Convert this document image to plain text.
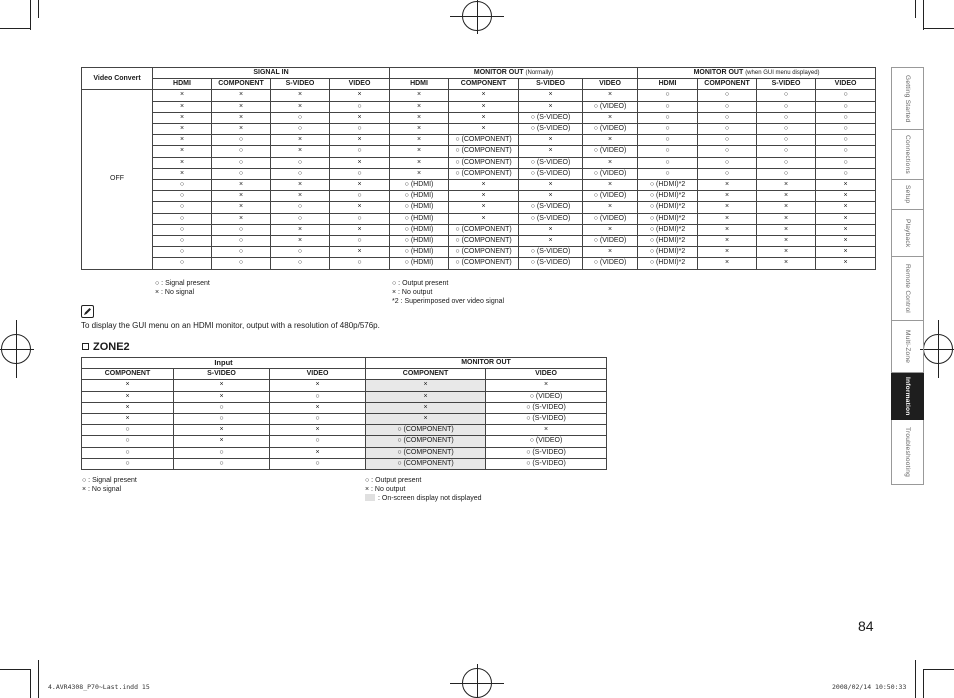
Video Convert	SIGNAL IN				MONITOR OUT (Normally)				MONITOR OUT (when GUI menu displayed)			
	HDMI	COMPONENT	S-VIDEO	VIDEO	HDMI	COMPONENT	S-VIDEO	VIDEO	HDMI	COMPONENT	S-VIDEO	VIDEO
OFF	×	×	×	×	×	×	×	×	○	○	○	○
	×	×	×	○	×	×	×	○ (VIDEO)	○	○	○	○
	×	×	○	×	×	×	○ (S-VIDEO)	×	○	○	○	○
	×	×	○	○	×	×	○ (S-VIDEO)	○ (VIDEO)	○	○	○	○
	×	○	×	×	×	○ (COMPONENT)	×	×	○	○	○	○
	×	○	×	○	×	○ (COMPONENT)	×	○ (VIDEO)	○	○	○	○
	×	○	○	×	×	○ (COMPONENT)	○ (S-VIDEO)	×	○	○	○	○
	×	○	○	○	×	○ (COMPONENT)	○ (S-VIDEO)	○ (VIDEO)	○	○	○	○
	○	×	×	×	○ (HDMI)	×	×	×	○ (HDMI)*2	×	×	×
	○	×	×	○	○ (HDMI)	×	×	○ (VIDEO)	○ (HDMI)*2	×	×	×
	○	×	○	×	○ (HDMI)	×	○ (S-VIDEO)	×	○ (HDMI)*2	×	×	×
	○	×	○	○	○ (HDMI)	×	○ (S-VIDEO)	○ (VIDEO)	○ (HDMI)*2	×	×	×
	○	○	×	×	○ (HDMI)	○ (COMPONENT)	×	×	○ (HDMI)*2	×	×	×
	○	○	×	○	○ (HDMI)	○ (COMPONENT)	×	○ (VIDEO)	○ (HDMI)*2	×	×	×
	○	○	○	×	○ (HDMI)	○ (COMPONENT)	○ (S-VIDEO)	×	○ (HDMI)*2	×	×	×
	○	○	○	○	○ (HDMI)	○ (COMPONENT)	○ (S-VIDEO)	○ (VIDEO)	○ (HDMI)*2	×	×	×
○ : Signal present
× : No signal
○ : Output present
× : No output
*2 : Superimposed over video signal
To display the GUI menu on an HDMI monitor, output with a resolution of 480p/576p.
ZONE2
Input			MONITOR OUT	
COMPONENT	S-VIDEO	VIDEO	COMPONENT	VIDEO
×	×	×	×	×
×	×	○	×	○ (VIDEO)
×	○	×	×	○ (S-VIDEO)
×	○	○	×	○ (S-VIDEO)
○	×	×	○ (COMPONENT)	×
○	×	○	○ (COMPONENT)	○ (VIDEO)
○	○	×	○ (COMPONENT)	○ (S-VIDEO)
○	○	○	○ (COMPONENT)	○ (S-VIDEO)
○ : Signal present
× : No signal
○ : Output present
× : No output
: On-screen display not displayed
Getting Started
Connections
Setup
Playback
Remote Control
Multi-Zone
Information
Troubleshooting
84
4.AVR4308_P70~Last.indd 15	2008/02/14 10:50:33
